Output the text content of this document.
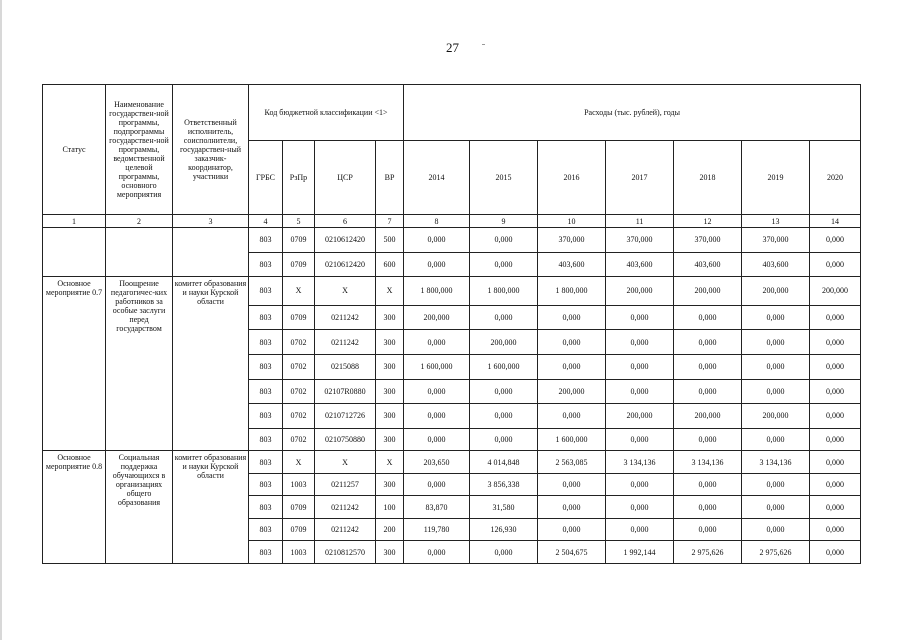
27
Статус	Наименование государствен-ной программы, подпрограммы государствен-ной программы, ведомственной целевой программы, основного мероприятия	Ответственный исполнитель, соисполнители, государствен-ный заказчик-координатор, участники	Код бюджетной классификации <1>				Расходы (тыс. рублей), годы						
			ГРБС	РзПр	ЦСР	ВР	2014	2015	2016	2017	2018	2019	2020
1	2	3	4	5	6	7	8	9	10	11	12	13	14
			803	0709	0210612420	500	0,000	0,000	370,000	370,000	370,000	370,000	0,000
			803	0709	0210612420	600	0,000	0,000	403,600	403,600	403,600	403,600	0,000
Основное мероприятие 0.7	Поощрение педагогичес-ких работников за особые заслуги перед государством	комитет образования и науки Курской области	803	X	X	X	1 800,000	1 800,000	1 800,000	200,000	200,000	200,000	200,000
			803	0709	0211242	300	200,000	0,000	0,000	0,000	0,000	0,000	0,000
			803	0702	0211242	300	0,000	200,000	0,000	0,000	0,000	0,000	0,000
			803	0702	0215088	300	1 600,000	1 600,000	0,000	0,000	0,000	0,000	0,000
			803	0702	02107R0880	300	0,000	0,000	200,000	0,000	0,000	0,000	0,000
			803	0702	0210712726	300	0,000	0,000	0,000	200,000	200,000	200,000	0,000
			803	0702	0210750880	300	0,000	0,000	1 600,000	0,000	0,000	0,000	0,000
Основное мероприятие 0.8	Социальная поддержка обучающихся в организациях общего образования	комитет образования и науки Курской области	803	X	X	X	203,650	4 014,848	2 563,085	3 134,136	3 134,136	3 134,136	0,000
			803	1003	0211257	300	0,000	3 856,338	0,000	0,000	0,000	0,000	0,000
			803	0709	0211242	100	83,870	31,580	0,000	0,000	0,000	0,000	0,000
			803	0709	0211242	200	119,780	126,930	0,000	0,000	0,000	0,000	0,000
			803	1003	0210812570	300	0,000	0,000	2 504,675	1 992,144	2 975,626	2 975,626	0,000
